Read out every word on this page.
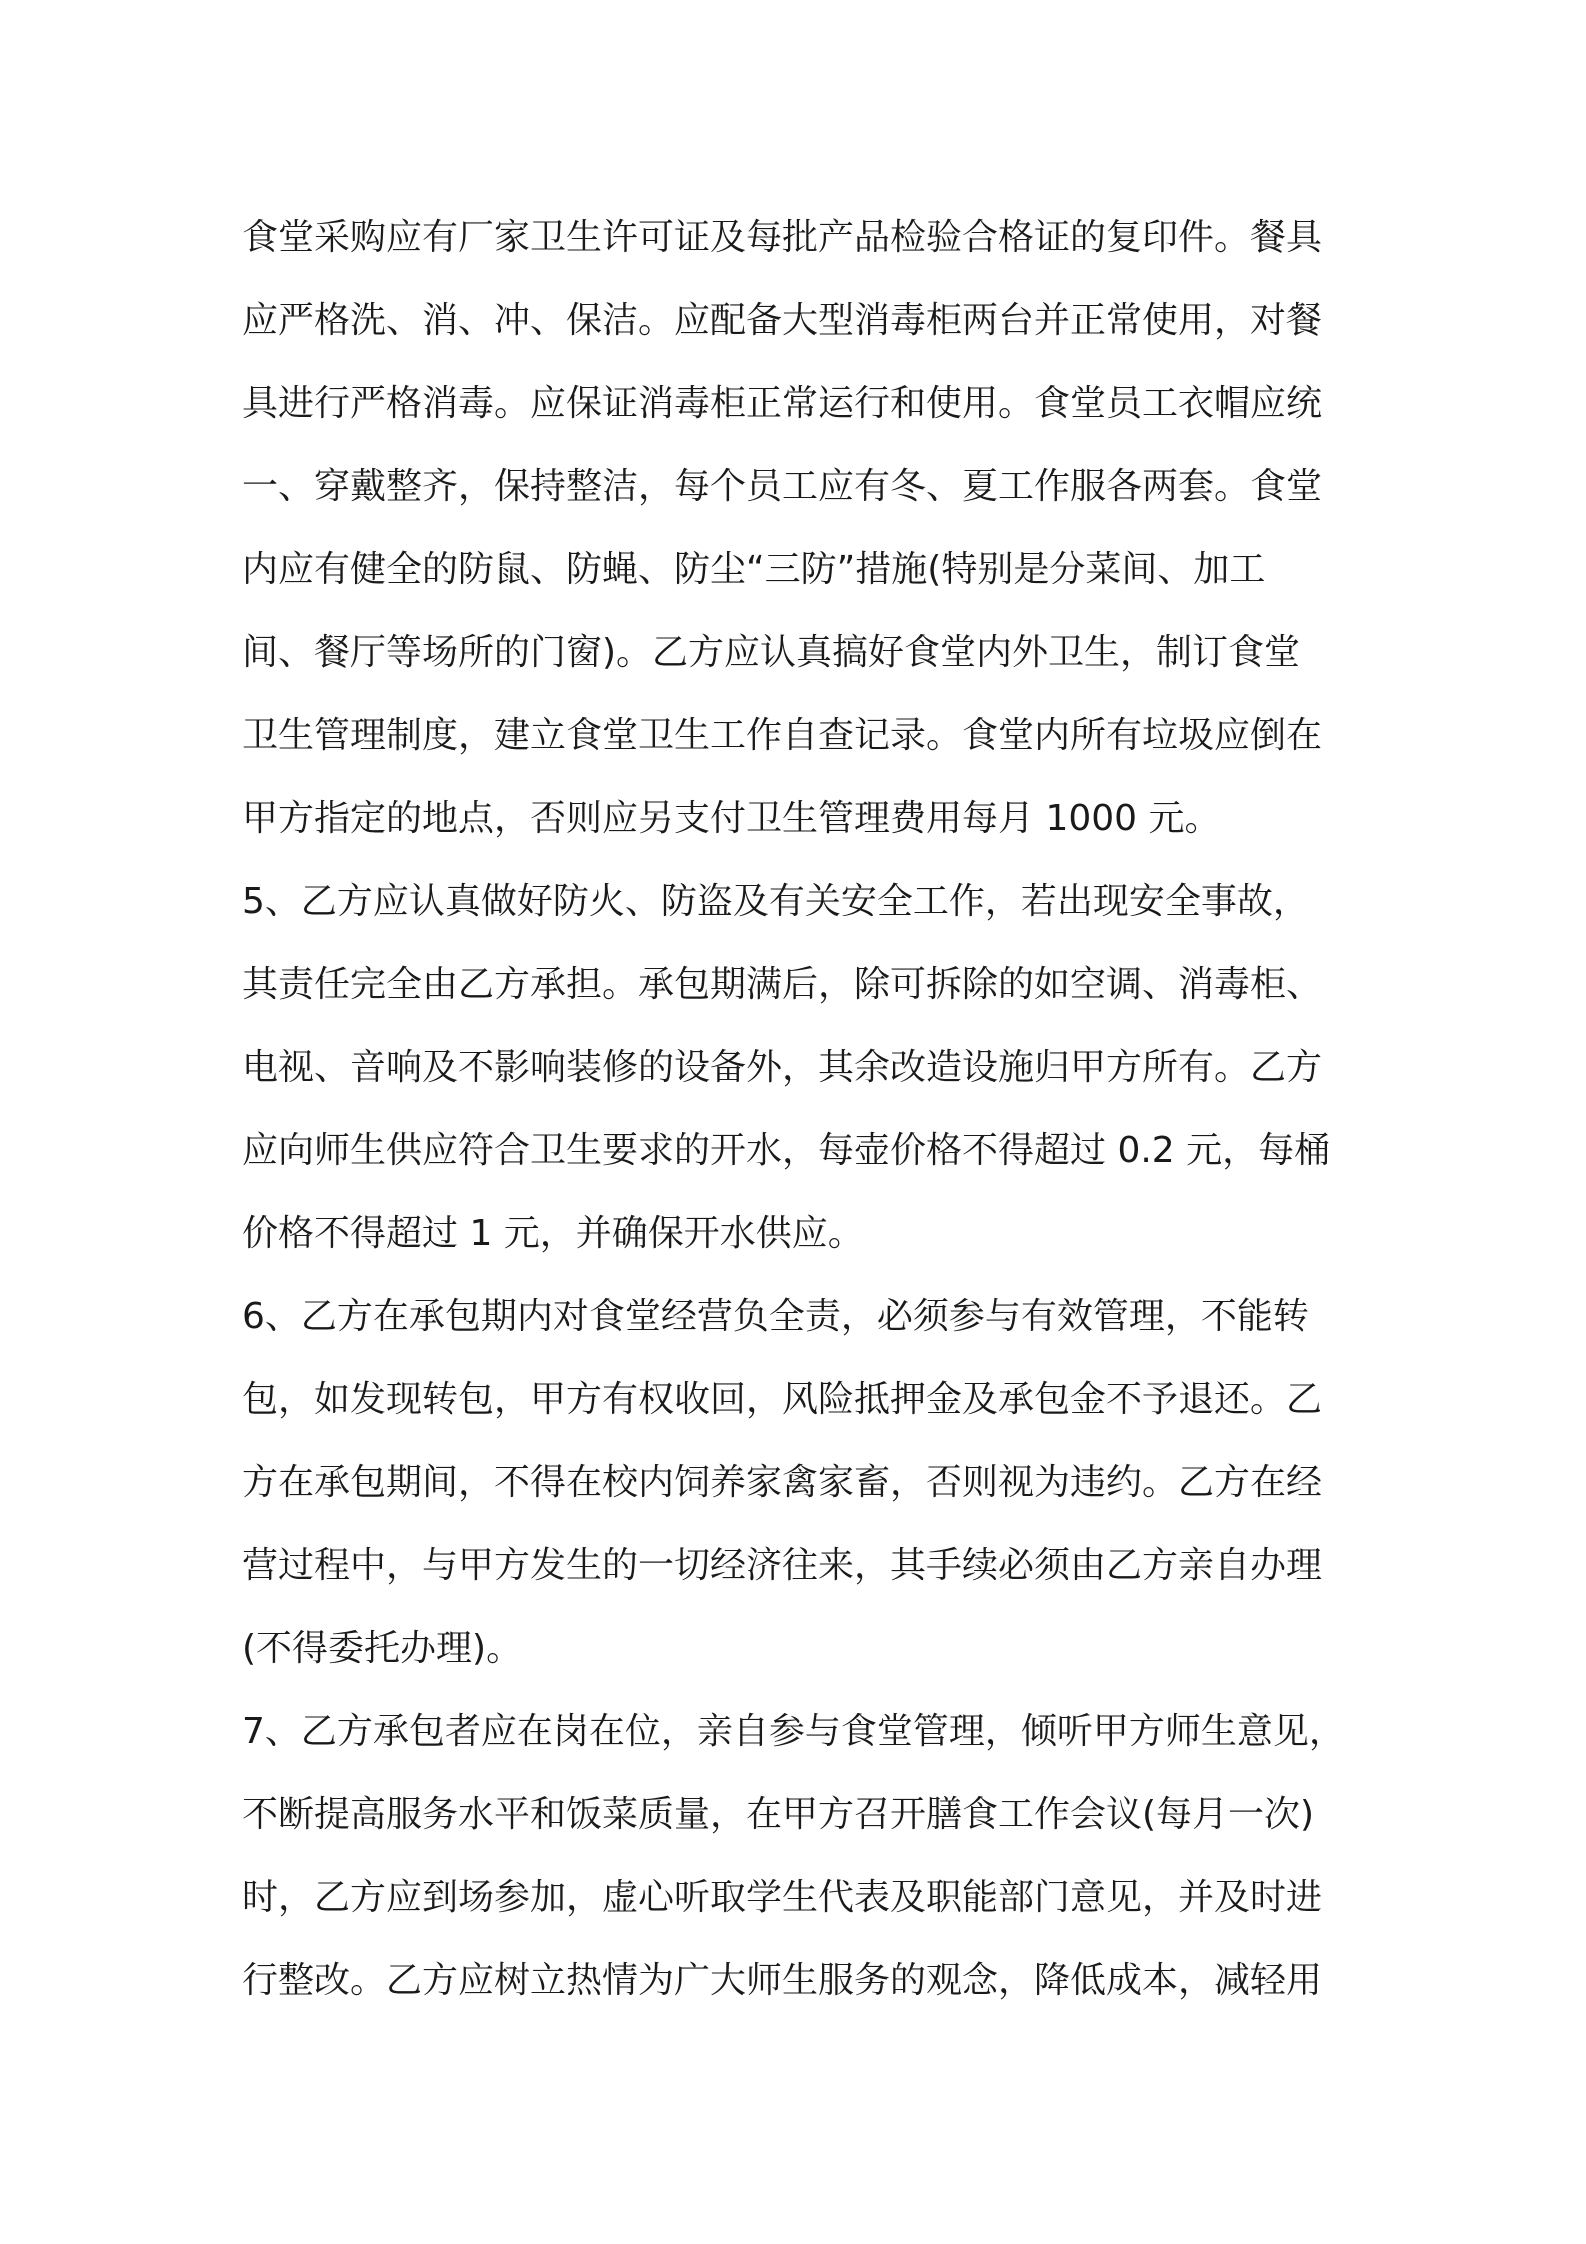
食堂采购应有厂家卫生许可证及每批产品检验合格证的复印件。餐具
应严格洗、消、冲、保洁。应配备大型消毒柜两台并正常使用，对餐
具进行严格消毒。应保证消毒柜正常运行和使用。食堂员工衣帽应统
一、穿戴整齐，保持整洁，每个员工应有冬、夏工作服各两套。食堂
内应有健全的防鼠、防蝇、防尘“三防”措施(特别是分菜间、加工
间、餐厅等场所的门窗)。乙方应认真搞好食堂内外卫生，制订食堂
卫生管理制度，建立食堂卫生工作自查记录。食堂内所有垃圾应倒在
甲方指定的地点，否则应另支付卫生管理费用每月 1000 元。
5、乙方应认真做好防火、防盗及有关安全工作，若出现安全事故，
其责任完全由乙方承担。承包期满后，除可拆除的如空调、消毒柜、
电视、音响及不影响装修的设备外，其余改造设施归甲方所有。乙方
应向师生供应符合卫生要求的开水，每壶价格不得超过 0.2 元，每桶
价格不得超过 1 元，并确保开水供应。
6、乙方在承包期内对食堂经营负全责，必须参与有效管理，不能转
包，如发现转包，甲方有权收回，风险抵押金及承包金不予退还。乙
方在承包期间，不得在校内饲养家禽家畜，否则视为违约。乙方在经
营过程中，与甲方发生的一切经济往来，其手续必须由乙方亲自办理
(不得委托办理)。
7、乙方承包者应在岗在位，亲自参与食堂管理，倾听甲方师生意见，
不断提高服务水平和饭菜质量，在甲方召开膳食工作会议(每月一次)
时，乙方应到场参加，虚心听取学生代表及职能部门意见，并及时进
行整改。乙方应树立热情为广大师生服务的观念，降低成本，减轻用
